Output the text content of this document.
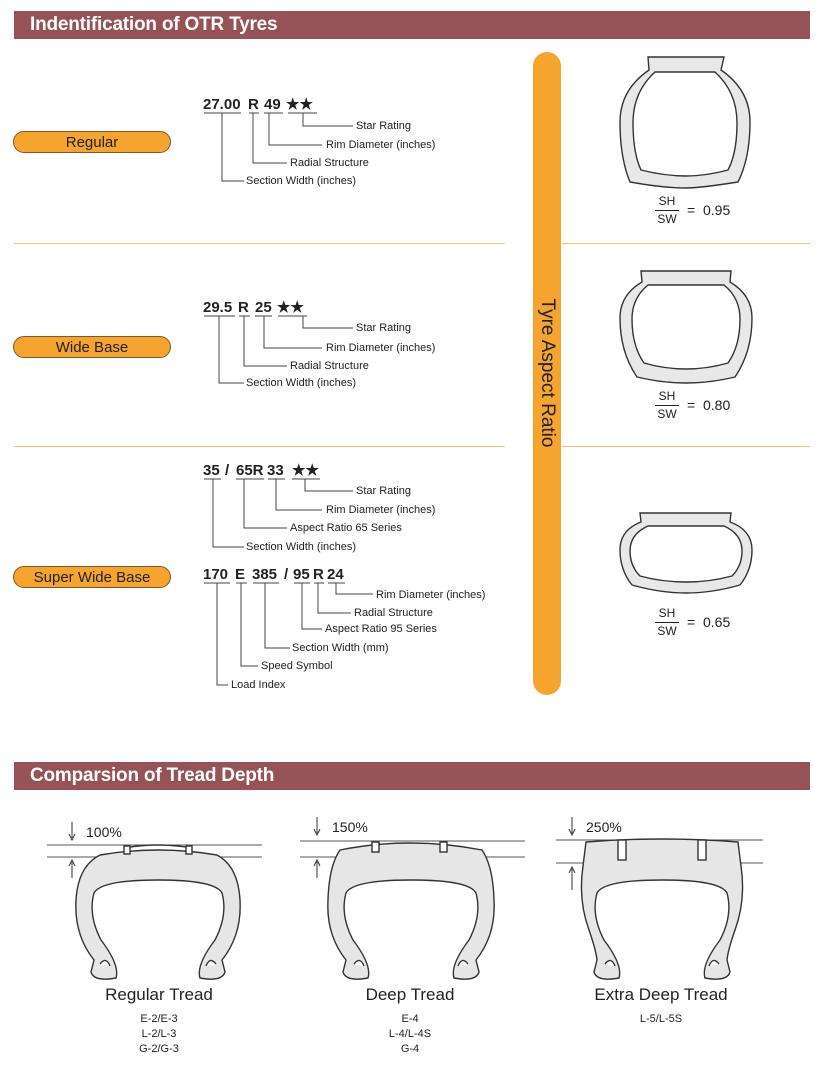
Indentification of OTR Tyres
Tyre Aspect Ratio
Regular
Wide Base
Super Wide Base
27.00 R 49 ★★
Star Rating
Rim Diameter (inches)
Radial Structure
Section Width (inches)
29.5 R 25 ★★
Star Rating
Rim Diameter (inches)
Radial Structure
Section Width (inches)
35 / 65R 33 ★★
Star Rating
Rim Diameter (inches)
Aspect Ratio 65 Series
Section Width (inches)
170 E 385 / 95 R 24
Rim Diameter (inches)
Radial Structure
Aspect Ratio 95 Series
Section Width (mm)
Speed Symbol
Load Index
SH
SW
= 0.95
SH
SW
= 0.80
SH
SW
= 0.65
Comparsion of Tread Depth
100%	150%	250%
Regular Tread	Deep Tread	Extra Deep Tread
E-2/E-3
L-2/L-3
G-2/G-3
E-4
L-4/L-4S
G-4
L-5/L-5S
